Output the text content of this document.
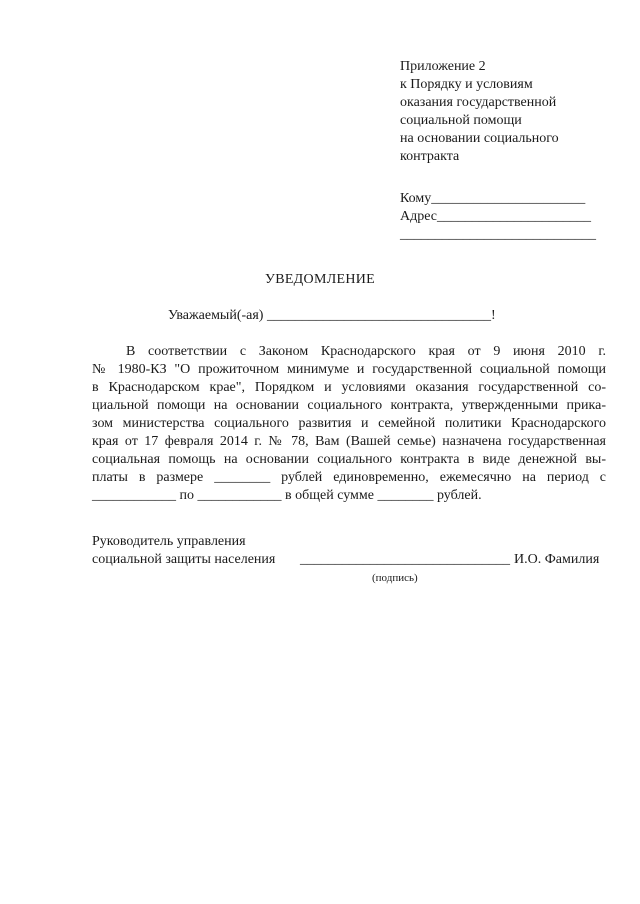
Приложение 2
к Порядку и условиям
оказания государственной
социальной помощи
на основании социального
контракта
Кому______________________
Адрес______________________
____________________________
УВЕДОМЛЕНИЕ
Уважаемый(-ая) ________________________________!
В соответствии с Законом Краснодарского края от 9 июня 2010 г.
№ 1980-КЗ "О прожиточном минимуме и государственной социальной помощи
в Краснодарском крае", Порядком и условиями оказания государственной со-
циальной помощи на основании социального контракта, утвержденными прика-
зом министерства социального развития и семейной политики Краснодарского
края от 17 февраля 2014 г. № 78, Вам (Вашей семье) назначена государственная
социальная помощь на основании социального контракта в виде денежной вы-
платы в размере ________ рублей единовременно, ежемесячно на период с
____________ по ____________ в общей сумме ________ рублей.
Руководитель управления
социальной защиты населения ______________________________ И.О. Фамилия
(подпись)
